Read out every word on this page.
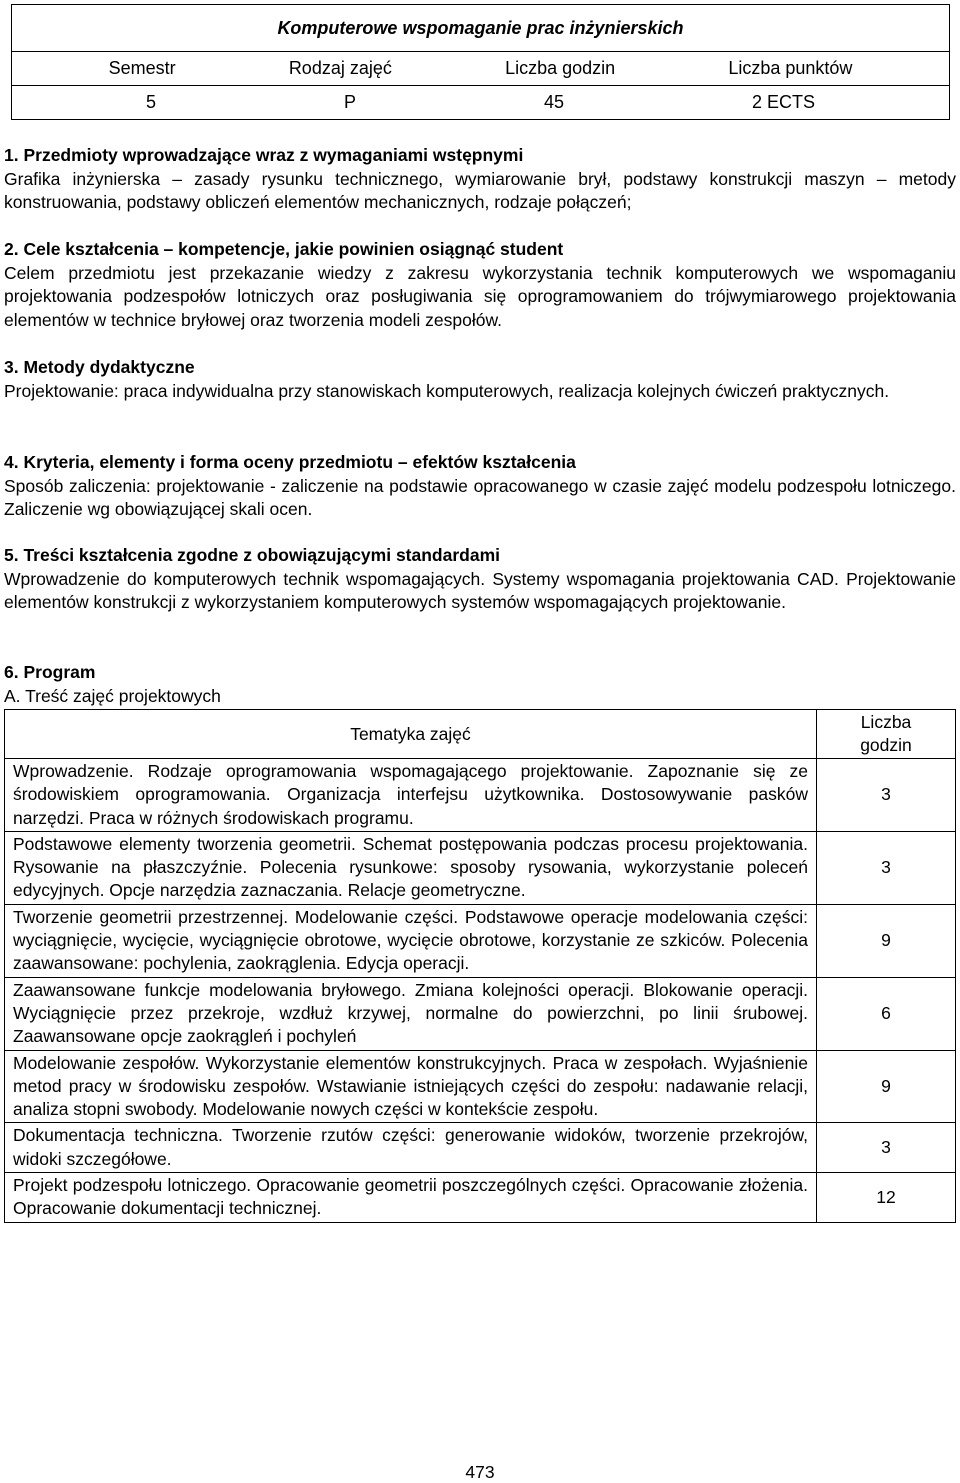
Komputerowe wspomaganie prac inżynierskich

Semestr	Rodzaj zajęć	Liczba godzin	Liczba punktów

5	P	45	2 ECTS
1. Przedmioty wprowadzające wraz z wymaganiami wstępnymi

Grafika inżynierska – zasady rysunku technicznego, wymiarowanie brył, podstawy konstrukcji maszyn – metody konstruowania, podstawy obliczeń elementów mechanicznych, rodzaje połączeń;

2. Cele kształcenia – kompetencje, jakie powinien osiągnąć student

Celem przedmiotu jest przekazanie wiedzy z zakresu wykorzystania technik komputerowych we wspomaganiu projektowania podzespołów lotniczych oraz posługiwania się oprogramowaniem do trójwymiarowego projektowania elementów w technice bryłowej oraz tworzenia modeli zespołów.

3. Metody dydaktyczne

Projektowanie: praca indywidualna przy stanowiskach komputerowych, realizacja kolejnych ćwiczeń praktycznych.

4. Kryteria, elementy i forma oceny przedmiotu – efektów kształcenia

Sposób zaliczenia: projektowanie - zaliczenie na podstawie opracowanego w czasie zajęć modelu podzespołu lotniczego. Zaliczenie wg obowiązującej skali ocen.

5. Treści kształcenia zgodne z obowiązującymi standardami

Wprowadzenie do komputerowych technik wspomagających. Systemy wspomagania projektowania CAD. Projektowanie elementów konstrukcji z wykorzystaniem komputerowych systemów wspomagających projektowanie.

6. Program
A. Treść zajęć projektowych
Tematyka zajęć	Liczba
godzin
Wprowadzenie. Rodzaje oprogramowania wspomagającego projektowanie. Zapoznanie się ze środowiskiem oprogramowania. Organizacja interfejsu użytkownika. Dostosowywanie pasków narzędzi. Praca w różnych środowiskach programu.	3
Podstawowe elementy tworzenia geometrii. Schemat postępowania podczas procesu projektowania. Rysowanie na płaszczyźnie. Polecenia rysunkowe: sposoby rysowania, wykorzystanie poleceń edycyjnych. Opcje narzędzia zaznaczania. Relacje geometryczne.	3
Tworzenie geometrii przestrzennej. Modelowanie części. Podstawowe operacje modelowania części: wyciągnięcie, wycięcie, wyciągnięcie obrotowe, wycięcie obrotowe, korzystanie ze szkiców. Polecenia zaawansowane: pochylenia, zaokrąglenia. Edycja operacji.	9
Zaawansowane funkcje modelowania bryłowego. Zmiana kolejności operacji. Blokowanie operacji. Wyciągnięcie przez przekroje, wzdłuż krzywej, normalne do powierzchni, po linii śrubowej. Zaawansowane opcje zaokrągleń i pochyleń	6
Modelowanie zespołów. Wykorzystanie elementów konstrukcyjnych. Praca w zespołach. Wyjaśnienie metod pracy w środowisku zespołów. Wstawianie istniejących części do zespołu: nadawanie relacji, analiza stopni swobody. Modelowanie nowych części w kontekście zespołu.	9
Dokumentacja techniczna. Tworzenie rzutów części: generowanie widoków, tworzenie przekrojów, widoki szczegółowe.	3
Projekt podzespołu lotniczego. Opracowanie geometrii poszczególnych części. Opracowanie złożenia. Opracowanie dokumentacji technicznej.	12
473
